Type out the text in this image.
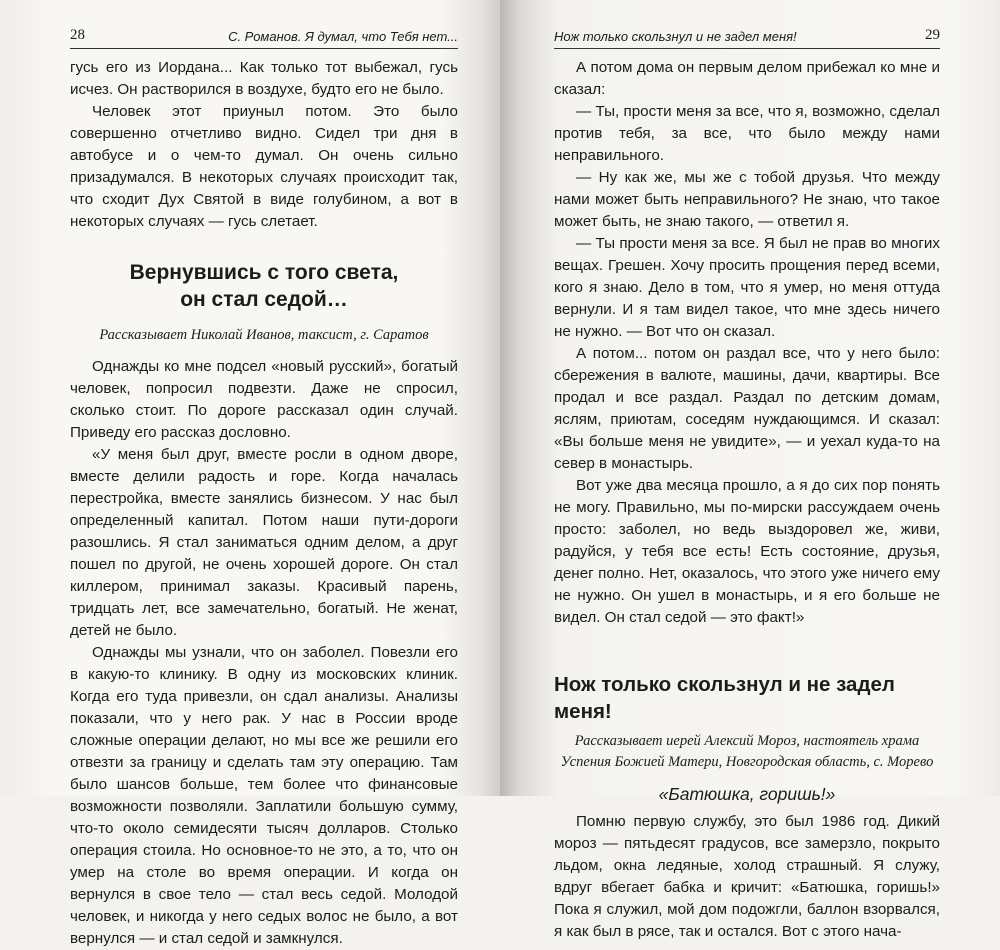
28	С. Романов. Я думал, что Тебя нет...

гусь его из Иордана... Как только тот выбежал, гусь исчез. Он растворился в воздухе, будто его не было.

Человек этот приуныл потом. Это было совершенно отчетливо видно. Сидел три дня в автобусе и о чем-то думал. Он очень сильно призадумался. В некоторых случаях происходит так, что сходит Дух Святой в виде голубином, а вот в некоторых случаях — гусь слетает.

Вернувшись с того света,
он стал седой…
Рассказывает Николай Иванов, таксист, г. Саратов

Однажды ко мне подсел «новый русский», богатый человек, попросил подвезти. Даже не спросил, сколько стоит. По дороге рассказал один случай. Приведу его рассказ дословно.

«У меня был друг, вместе росли в одном дворе, вместе делили радость и горе. Когда началась перестройка, вместе занялись бизнесом. У нас был определенный капитал. Потом наши пути-дороги разошлись. Я стал заниматься одним делом, а друг пошел по другой, не очень хорошей дороге. Он стал киллером, принимал заказы. Красивый парень, тридцать лет, все замечательно, богатый. Не женат, детей не было.

Однажды мы узнали, что он заболел. Повезли его в какую-то клинику. В одну из московских клиник. Когда его туда привезли, он сдал анализы. Анализы показали, что у него рак. У нас в России вроде сложные операции делают, но мы все же решили его отвезти за границу и сделать там эту операцию. Там было шансов больше, тем более что финансовые возможности позволяли. Заплатили большую сумму, что-то около семидесяти тысяч долларов. Столько операция стоила. Но основное-то не это, а то, что он умер на столе во время операции. И когда он вернулся в свое тело — стал весь седой. Молодой человек, и никогда у него седых волос не было, а вот вернулся — и стал седой и замкнулся.

Нож только скользнул и не задел меня!	29

А потом дома он первым делом прибежал ко мне и сказал:

— Ты, прости меня за все, что я, возможно, сделал против тебя, за все, что было между нами неправильного.

— Ну как же, мы же с тобой друзья. Что между нами может быть неправильного? Не знаю, что такое может быть, не знаю такого, — ответил я.

— Ты прости меня за все. Я был не прав во многих вещах. Грешен. Хочу просить прощения перед всеми, кого я знаю. Дело в том, что я умер, но меня оттуда вернули. И я там видел такое, что мне здесь ничего не нужно. — Вот что он сказал.

А потом... потом он раздал все, что у него было: сбережения в валюте, машины, дачи, квартиры. Все продал и все раздал. Раздал по детским домам, яслям, приютам, соседям нуждающимся. И сказал: «Вы больше меня не увидите», — и уехал куда-то на север в монастырь.

Вот уже два месяца прошло, а я до сих пор понять не могу. Правильно, мы по-мирски рассуждаем очень просто: заболел, но ведь выздоровел же, живи, радуйся, у тебя все есть! Есть состояние, друзья, денег полно. Нет, оказалось, что этого уже ничего ему не нужно. Он ушел в монастырь, и я его больше не видел. Он стал седой — это факт!»

Нож только скользнул и не задел меня!
Рассказывает иерей Алексий Мороз, настоятель храма Успения Божией Матери, Новгородская область, с. Морево
«Батюшка, горишь!»

Помню первую службу, это был 1986 год. Дикий мороз — пятьдесят градусов, все замерзло, покрыто льдом, окна ледяные, холод страшный. Я служу, вдруг вбегает бабка и кричит: «Батюшка, горишь!» Пока я служил, мой дом подожгли, баллон взорвался, я как был в рясе, так и остался. Вот с этого нача-
